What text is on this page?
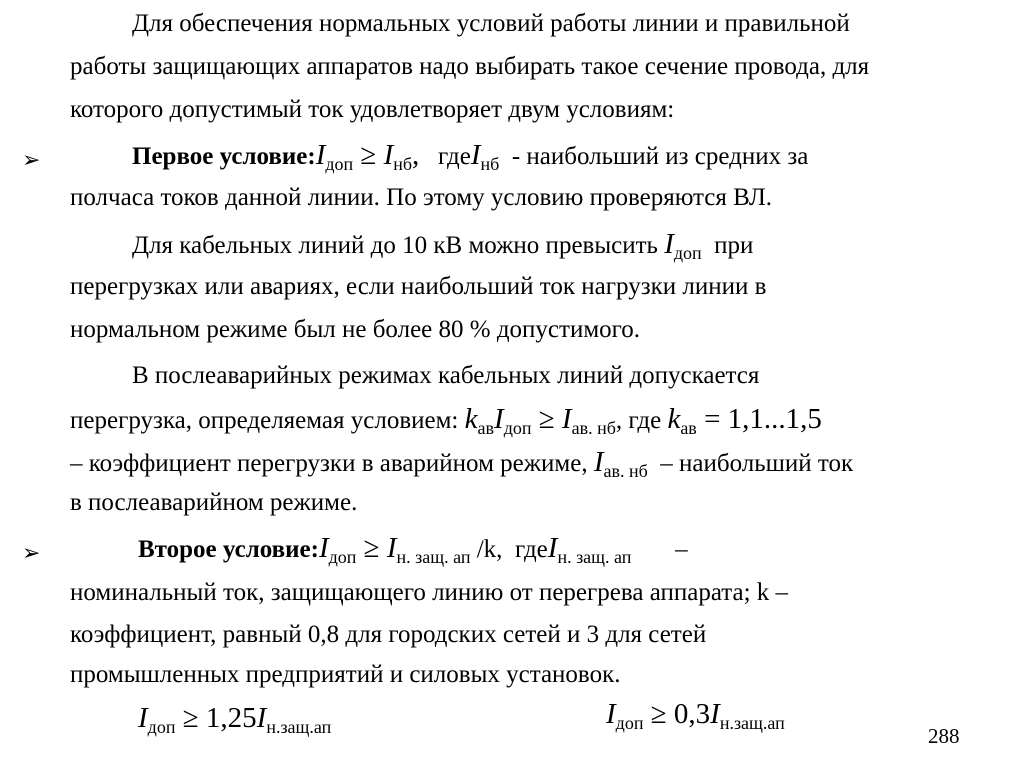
Для обеспечения нормальных условий работы линии и правильной
работы защищающих аппаратов надо выбирать такое сечение провода, для
которого допустимый ток удовлетворяет двум условиям:
➢	Первое $условие:I_{доп} \ge I_{нб}$, гдеI$_{нб}$ - наибольший из средних за
полчаса токов данной линии. По этому условию проверяются ВЛ.
Для кабельных линий до 10 кВ можно превысить $I_{доп}$ при
перегрузках или авариях, если наибольший ток нагрузки линии в
нормальном режиме был не более 80 % допустимого.
В послеаварийных режимах кабельных линий допускается
перегрузка, определяемая условием: $k_{ав}I_{доп} \ge I_{ав. нб}$, где $k_{ав} = 1,1...1,5$
– коэффициент перегрузки в аварийном режиме, $I_{ав. нб}$ – наибольший ток
в послеаварийном режиме.
➢	Второе $условие:I_{доп} \ge I_{н. защ. ап}$ /k, гдеI$_{н. защ. ап}$ –
номинальный ток, защищающего линию от перегрева аппарата; k –
коэффициент, равный 0,8 для городских сетей и 3 для сетей
промышленных предприятий и силовых установок.
$I_{доп} \ge 1,25I_{н.защ.ап}$	$I_{доп} \ge 0,3I_{н.защ.ап}$
288
